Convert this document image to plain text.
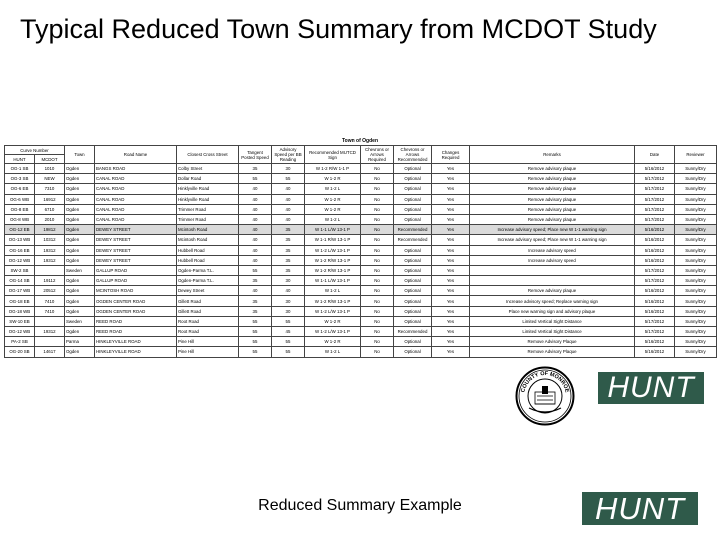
Typical Reduced Town Summary from MCDOT Study
Town of Ogden
Curve Number		Town	Road Name	Closest Cross Street	Tangent Posted Speed	Advisory Speed per BB Reading	Recommended MUTCD Sign	Chevrons or Arrows Required	Chevrons or Arrows Recommended	Changes Required	Remarks	Date	Reviewer
HUNT	MCDOT												
OG-1 SB	1010	Ogden	BANGS ROAD	Colby Street	35	30	W 1-2 R/W 1-1 P	No	Optional	Yes	Remove advisory plaque	5/16/2012	Sunny/Dry
OG-3 SB	NEW	Ogden	CANAL ROAD	Dollar Road	55	55	W 1-2 R	No	Optional	Yes	Remove advisory plaque	5/17/2012	Sunny/Dry
OG-6 EB	7310	Ogden	CANAL ROAD	Hinklyville Road	40	40	W 1-2 L	No	Optional	Yes	Remove advisory plaque	5/17/2012	Sunny/Dry
OG-6 WB	16912	Ogden	CANAL ROAD	Hinklyville Road	40	40	W 1-2 R	No	Optional	Yes	Remove advisory plaque	5/17/2012	Sunny/Dry
OG-8 EB	6710	Ogden	CANAL ROAD	Trimmer Road	40	40	W 1-2 R	No	Optional	Yes	Remove advisory plaque	5/17/2012	Sunny/Dry
OG-8 WB	2010	Ogden	CANAL ROAD	Trimmer Road	40	40	W 1-2 L	No	Optional	Yes	Remove advisory plaque	5/17/2012	Sunny/Dry
OG-12 EB	19812	Ogden	DEWEY STREET	Mcintosh Road	40	35	W 1-1 L/W 13-1 P	No	Recommended	Yes	Increase advisory speed; Place new W 1-1 warning sign	5/16/2012	Sunny/Dry
OG-13 WB	10312	Ogden	DEWEY STREET	Mcintosh Road	40	35	W 1-1 R/W 13-1 P	No	Recommended	Yes	Increase advisory speed; Place new W 1-1 warning sign	5/16/2012	Sunny/Dry
OG-16 EB	19312	Ogden	DEWEY STREET	Hubbell Road	40	35	W 1-2 L/W 13-1 P	No	Optional	Yes	Increase advisory speed	5/16/2012	Sunny/Dry
OG-12 WB	19312	Ogden	DEWEY STREET	Hubbell Road	40	35	W 1-2 R/W 13-1 P	No	Optional	Yes	Increase advisory speed	5/16/2012	Sunny/Dry
SW-2 SB		Sweden	GALLUP ROAD	Ogden-Parma T.L.	55	35	W 1-2 R/W 13-1 P	No	Optional	Yes		5/17/2012	Sunny/Dry
OG-14 SB	19112	Ogden	GALLUP ROAD	Ogden-Parma T.L.	35	30	W 1-1 L/W 13-1 P	No	Optional	Yes		5/17/2012	Sunny/Dry
OG-17 WB	20512	Ogden	MCINTOSH ROAD	Dewey Street	40	40	W 1-2 L	No	Optional	Yes	Remove advisory plaque	5/16/2012	Sunny/Dry
OG-18 EB	7410	Ogden	OGDEN CENTER ROAD	Gillett Road	35	30	W 1-2 R/W 13-1 P	No	Optional	Yes	Increase advisory speed; Replace warning sign	5/16/2012	Sunny/Dry
OG-18 WB	7410	Ogden	OGDEN CENTER ROAD	Gillett Road	35	30	W 1-2 L/W 13-1 P	No	Optional	Yes	Place new warning sign and advisory plaque	5/16/2012	Sunny/Dry
SW-10 EB		Sweden	REED ROAD	Root Road	55	55	W 1-2 R	No	Optional	Yes	Limited Vertical Sight Distance	5/17/2012	Sunny/Dry
OG-12 WB	19312	Ogden	REED ROAD	Root Road	55	45	W 1-2 L/W 13-1 P	No	Recommended	Yes	Limited Vertical Sight Distance	5/17/2012	Sunny/Dry
PA-2 SB		Parma	HINKLEYVILLE ROAD	Pine Hill	55	55	W 1-2 R	No	Optional	Yes	Remove Advisory Plaque	5/16/2012	Sunny/Dry
OG-20 SB	14617	Ogden	HINKLEYVILLE ROAD	Pine Hill	55	55	W 1-2 L	No	Optional	Yes	Remove Advisory Plaque	5/16/2012	Sunny/Dry
COUNTY OF MONROE	HUNT
Reduced Summary Example	HUNT
